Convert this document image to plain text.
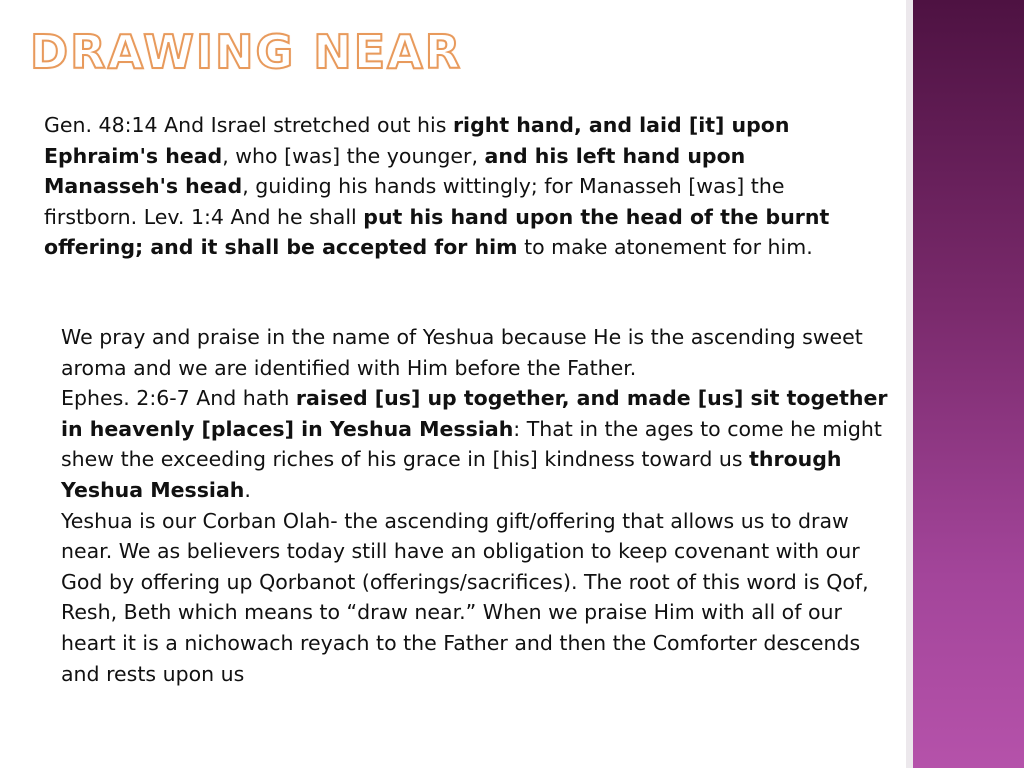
DRAWING NEAR

Gen. 48:14 And Israel stretched out his right hand, and laid [it] upon Ephraim's head, who [was] the younger, and his left hand upon Manasseh's head, guiding his hands wittingly; for Manasseh [was] the firstborn. Lev. 1:4 And he shall put his hand upon the head of the burnt offering; and it shall be accepted for him to make atonement for him.

We pray and praise in the name of Yeshua because He is the ascending sweet aroma and we are identified with Him before the Father.
Ephes. 2:6-7 And hath raised [us] up together, and made [us] sit together in heavenly [places] in Yeshua Messiah: That in the ages to come he might shew the exceeding riches of his grace in [his] kindness toward us through Yeshua Messiah.
Yeshua is our Corban Olah- the ascending gift/offering that allows us to draw near. We as believers today still have an obligation to keep covenant with our God by offering up Qorbanot (offerings/sacrifices). The root of this word is Qof, Resh, Beth which means to “draw near.” When we praise Him with all of our heart it is a nichowach reyach to the Father and then the Comforter descends and rests upon us
